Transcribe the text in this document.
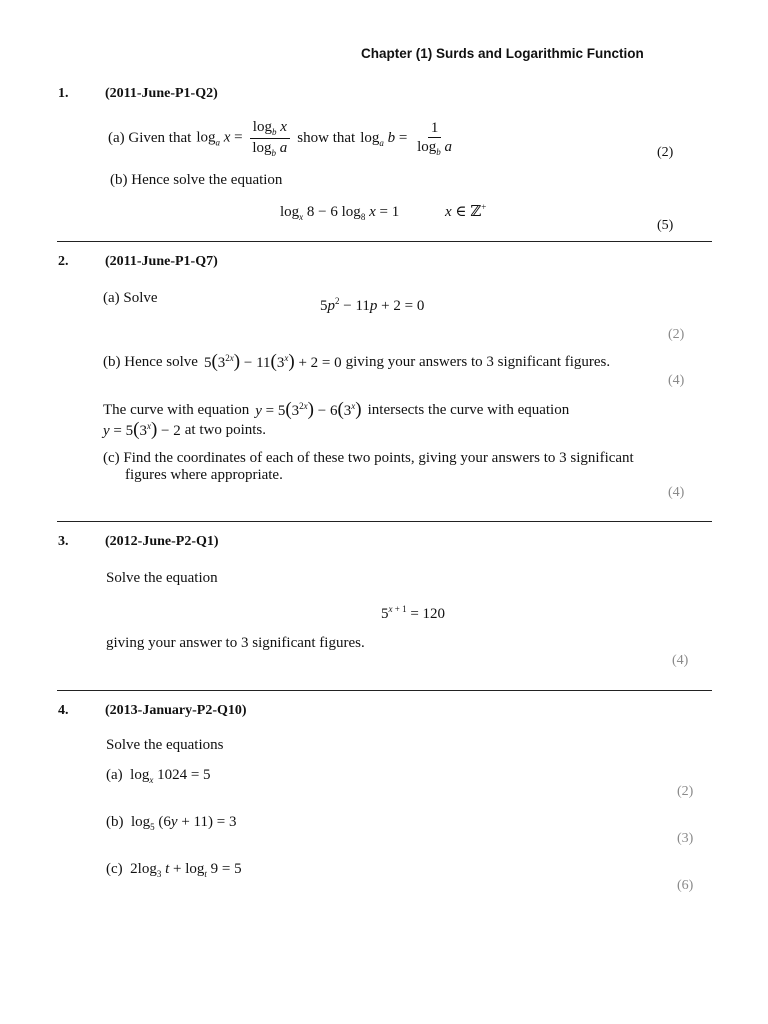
Chapter (1) Surds and Logarithmic Function
1.	(2011-June-P1-Q2)
(a) Given that $\log_a x = \frac{\log_b x}{\log_b a}$ show that $\log_a b = \frac{1}{\log_b a}$	(2)
(b) Hence solve the equation
$\log_x 8 - 6$ $\log_8 x = 1$	x ∈ ℤ+
(5)
2.	(2011-June-P1-Q7)
(a) Solve	$5p^2 - 11p + 2 = 0$
(2)
(b) Hence solve $5(3^{2x}) - 11(3^x) + 2 = 0$ giving your answers to 3 significant figures.
(4)
The curve with equation $y = 5(3^{2x}) - 6(3^x)$ intersects the curve with equation
$y = 5(3^x) - 2$ at two points.
(c) Find the coordinates of each of these two points, giving your answers to 3 significant
figures where appropriate.
(4)
3.	(2012-June-P2-Q1)
Solve the equation
$5^{x + 1} = 120$
giving your answer to 3 significant figures.
(4)
4.	(2013-January-P2-Q10)
Solve the equations
(a)  $\log_x 1024 = 5$
(2)
(b)  $\log_5 (6y + 11) = 3$
(3)
(c)  $2\log_3$ $t + \log_t 9 = 5$
(6)
